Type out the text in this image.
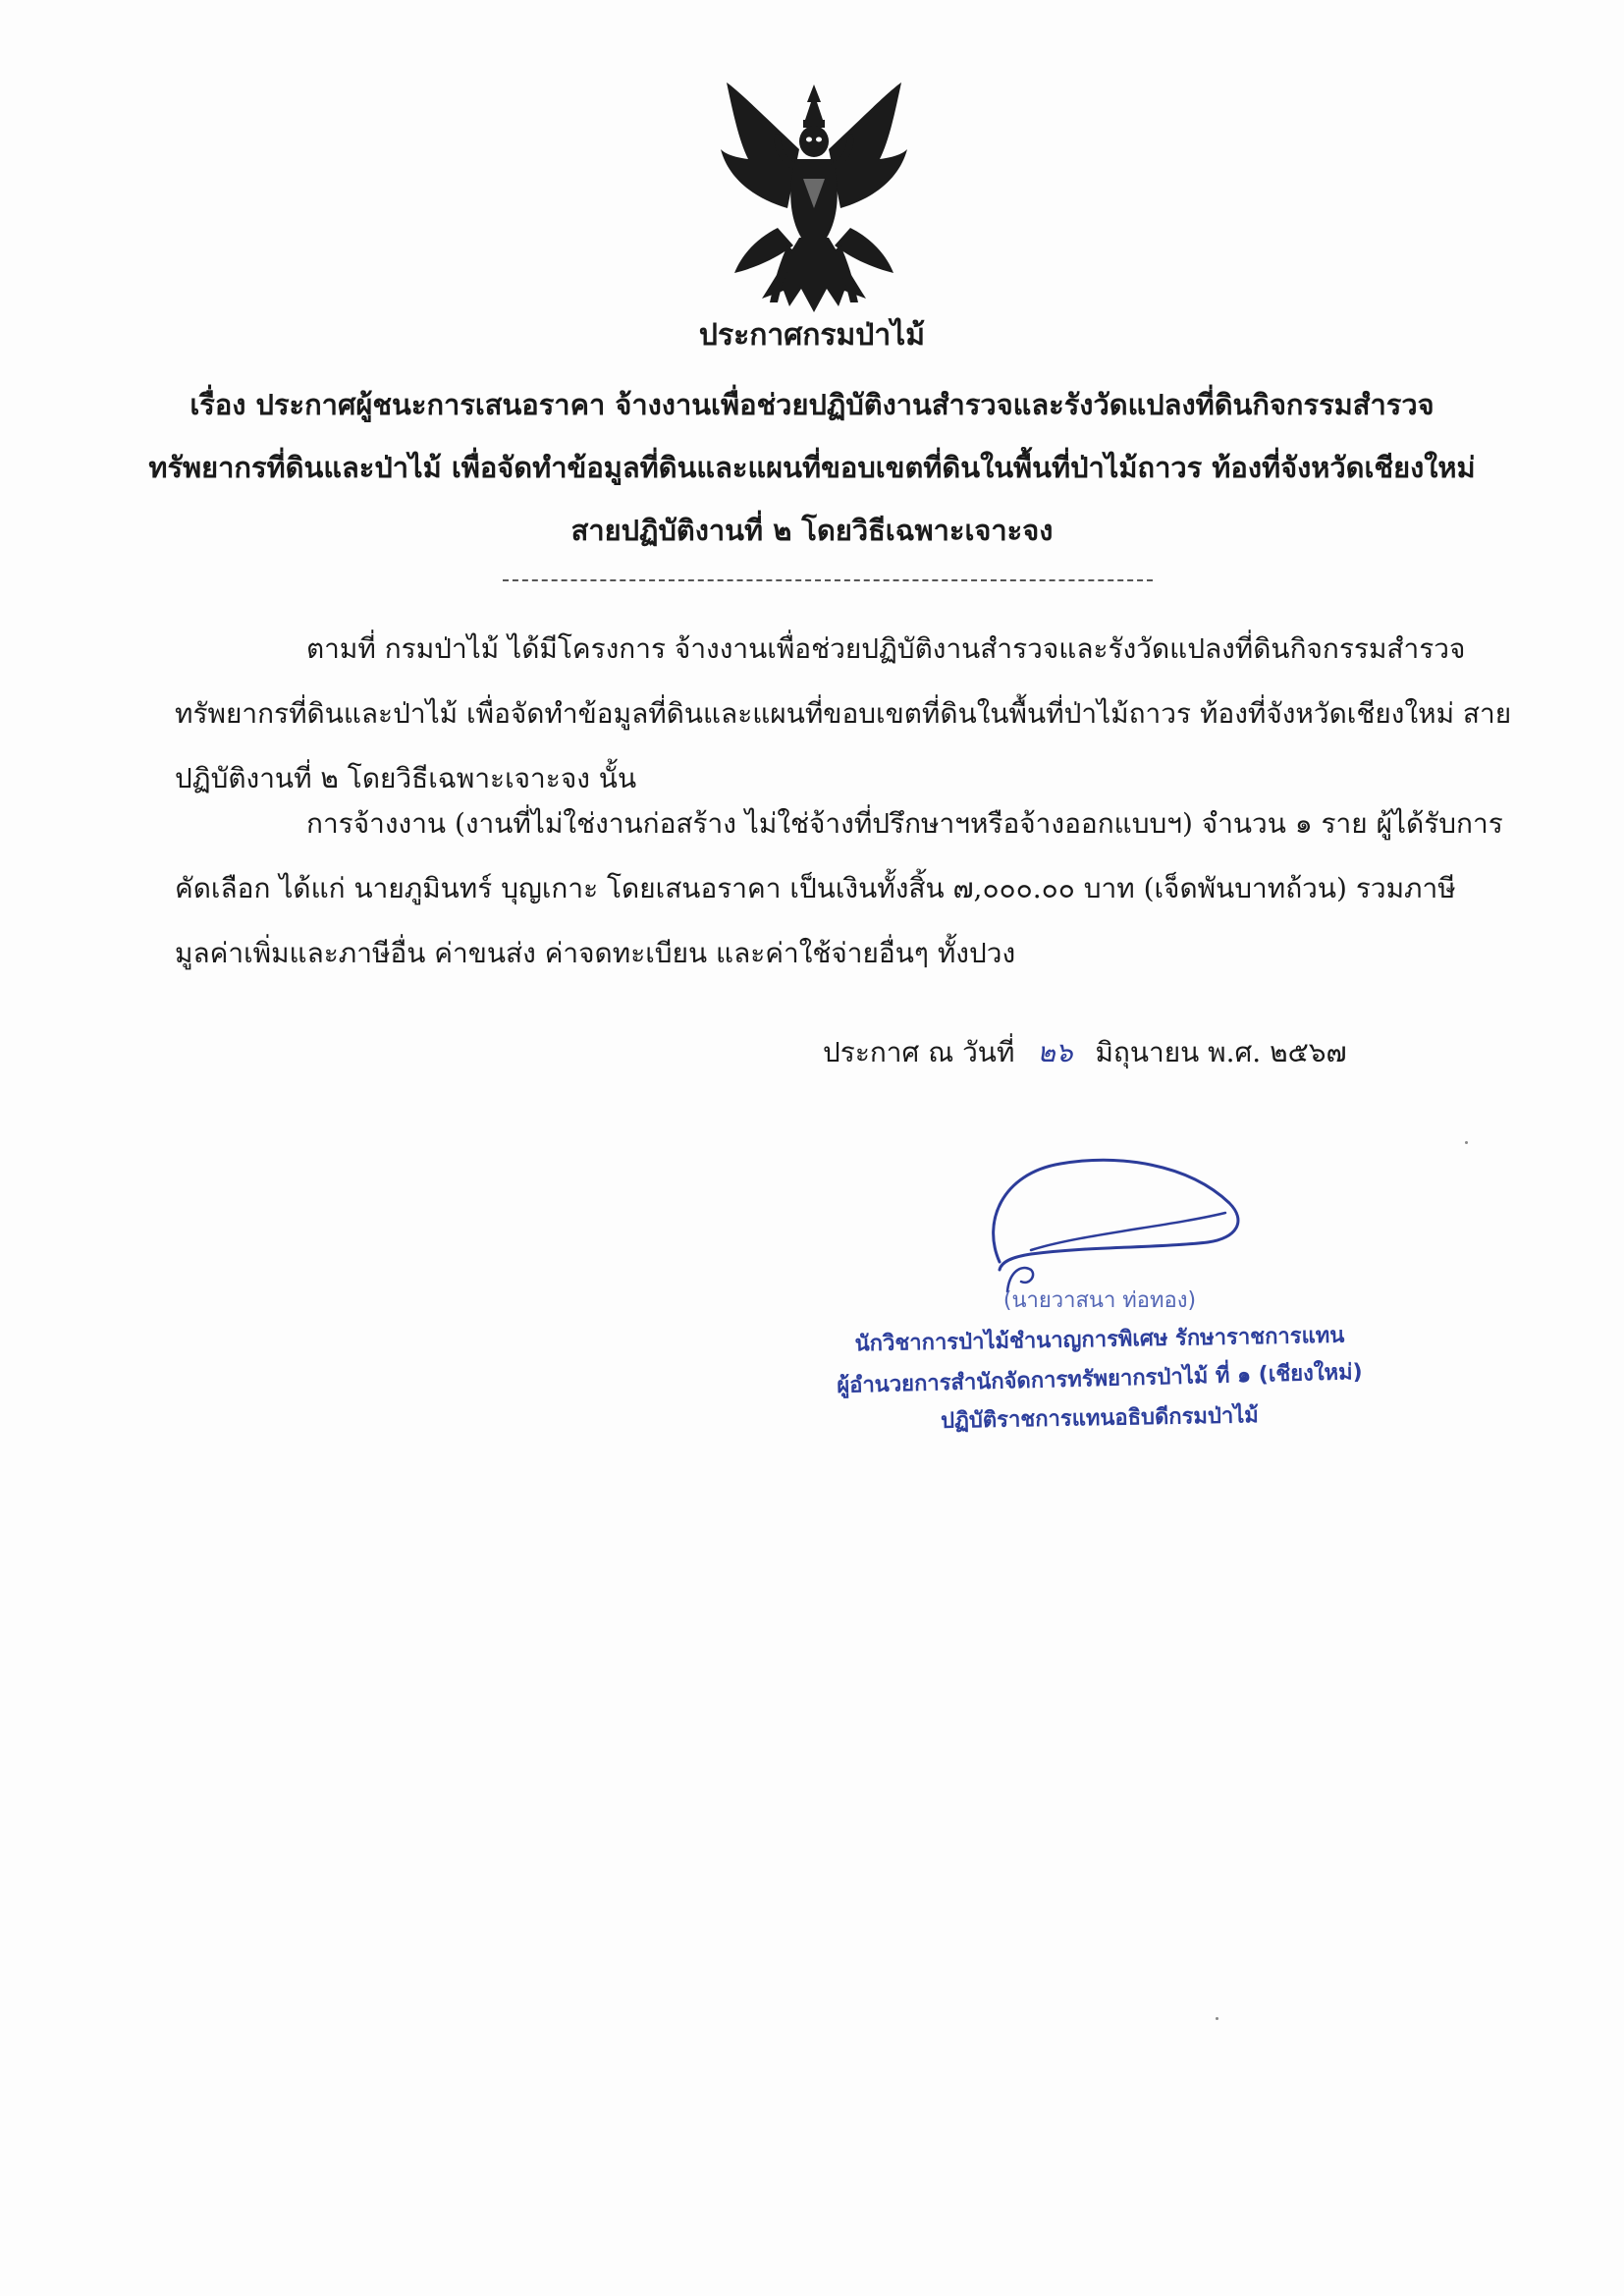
ประกาศกรมป่าไม้
เรื่อง ประกาศผู้ชนะการเสนอราคา จ้างงานเพื่อช่วยปฏิบัติงานสำรวจและรังวัดแปลงที่ดินกิจกรรมสำรวจ
ทรัพยากรที่ดินและป่าไม้ เพื่อจัดทำข้อมูลที่ดินและแผนที่ขอบเขตที่ดินในพื้นที่ป่าไม้ถาวร ท้องที่จังหวัดเชียงใหม่
สายปฏิบัติงานที่ ๒ โดยวิธีเฉพาะเจาะจง
ตามที่ กรมป่าไม้ ได้มีโครงการ จ้างงานเพื่อช่วยปฏิบัติงานสำรวจและรังวัดแปลงที่ดินกิจกรรมสำรวจ
ทรัพยากรที่ดินและป่าไม้ เพื่อจัดทำข้อมูลที่ดินและแผนที่ขอบเขตที่ดินในพื้นที่ป่าไม้ถาวร ท้องที่จังหวัดเชียงใหม่ สาย
ปฏิบัติงานที่ ๒ โดยวิธีเฉพาะเจาะจง นั้น
การจ้างงาน (งานที่ไม่ใช่งานก่อสร้าง ไม่ใช่จ้างที่ปรึกษาฯหรือจ้างออกแบบฯ) จำนวน ๑ ราย ผู้ได้รับการ
คัดเลือก ได้แก่ นายภูมินทร์ บุญเกาะ โดยเสนอราคา เป็นเงินทั้งสิ้น ๗,๐๐๐.๐๐ บาท (เจ็ดพันบาทถ้วน) รวมภาษี
มูลค่าเพิ่มและภาษีอื่น ค่าขนส่ง ค่าจดทะเบียน และค่าใช้จ่ายอื่นๆ ทั้งปวง
ประกาศ ณ วันที่ ๒๖ มิถุนายน พ.ศ. ๒๕๖๗
(นายวาสนา ท่อทอง)
นักวิชาการป่าไม้ชำนาญการพิเศษ รักษาราชการแทน
ผู้อำนวยการสำนักจัดการทรัพยากรป่าไม้ ที่ ๑ (เชียงใหม่)
ปฏิบัติราชการแทนอธิบดีกรมป่าไม้
